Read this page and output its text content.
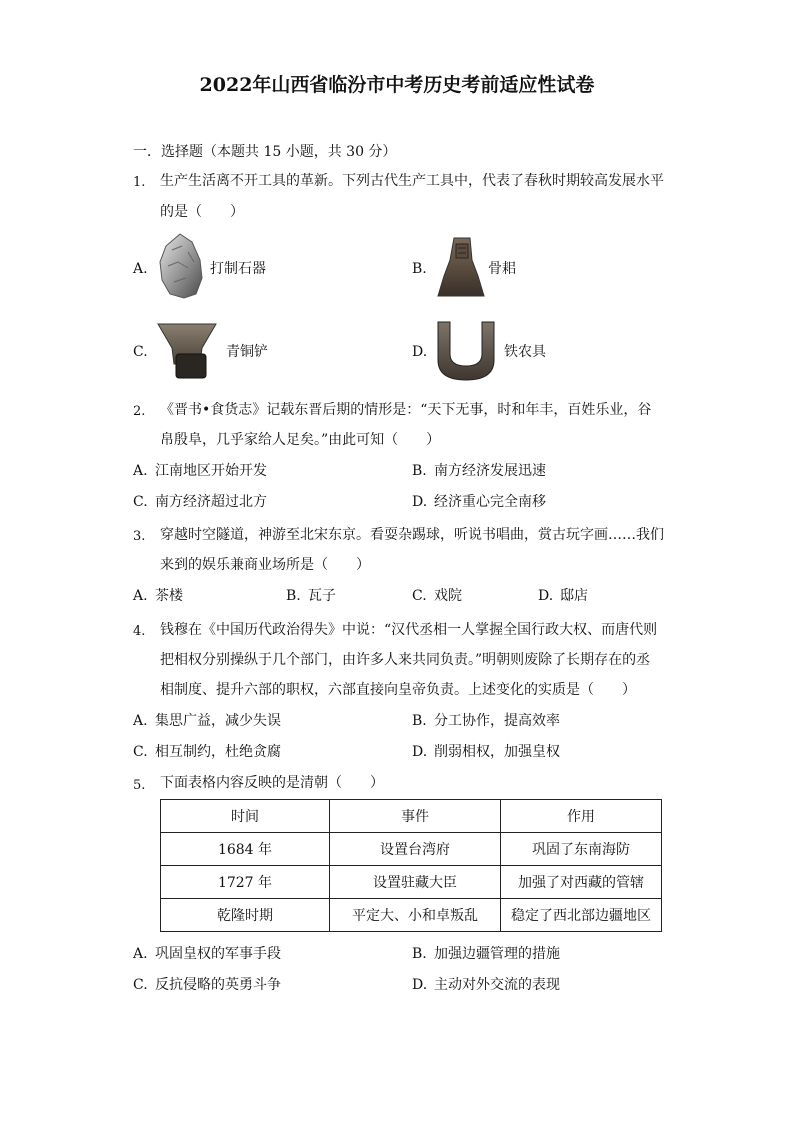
2022年山西省临汾市中考历史考前适应性试卷
一．选择题（本题共 15 小题，共 30 分）
1. 生产生活离不开工具的革新。下列古代生产工具中，代表了春秋时期较高发展水平
的是（　　）
A.	打制石器	B.	骨耜
C.	青铜铲	D.	铁农具
2. 《晋书•食货志》记载东晋后期的情形是：“天下无事，时和年丰，百姓乐业，谷
帛殷阜，几乎家给人足矣。”由此可知（　　）
A. 江南地区开始开发	B. 南方经济发展迅速
C. 南方经济超过北方	D. 经济重心完全南移
3. 穿越时空隧道，神游至北宋东京。看耍杂踢球，听说书唱曲，赏古玩字画……我们
来到的娱乐兼商业场所是（　　）
A. 茶楼	B. 瓦子	C. 戏院	D. 邸店
4. 钱穆在《中国历代政治得失》中说：“汉代丞相一人掌握全国行政大权、而唐代则
把相权分别操纵于几个部门，由许多人来共同负责。”明朝则废除了长期存在的丞
相制度、提升六部的职权，六部直接向皇帝负责。上述变化的实质是（　　）
A. 集思广益，减少失误	B. 分工协作，提高效率
C. 相互制约，杜绝贪腐	D. 削弱相权，加强皇权
5. 下面表格内容反映的是清朝（　　）
时间	事件	作用
1684 年	设置台湾府	巩固了东南海防
1727 年	设置驻藏大臣	加强了对西藏的管辖
乾隆时期	平定大、小和卓叛乱	稳定了西北部边疆地区
A. 巩固皇权的军事手段	B. 加强边疆管理的措施
C. 反抗侵略的英勇斗争	D. 主动对外交流的表现
